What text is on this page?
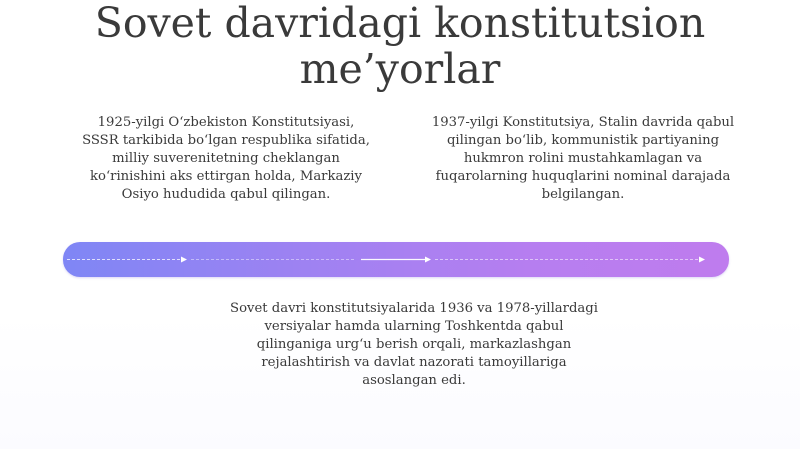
Sovet davridagi konstitutsion me’yorlar

1925-yilgi O‘zbekiston Konstitutsiyasi, SSSR tarkibida bo‘lgan respublika sifatida, milliy suverenitetning cheklangan ko‘rinishini aks ettirgan holda, Markaziy Osiyo hududida qabul qilingan.

1937-yilgi Konstitutsiya, Stalin davrida qabul qilingan bo‘lib, kommunistik partiyaning hukmron rolini mustahkamlagan va fuqarolarning huquqlarini nominal darajada belgilangan.

Sovet davri konstitutsiyalarida 1936 va 1978-yillardagi versiyalar hamda ularning Toshkentda qabul qilinganiga urg‘u berish orqali, markazlashgan rejalashtirish va davlat nazorati tamoyillariga asoslangan edi.
